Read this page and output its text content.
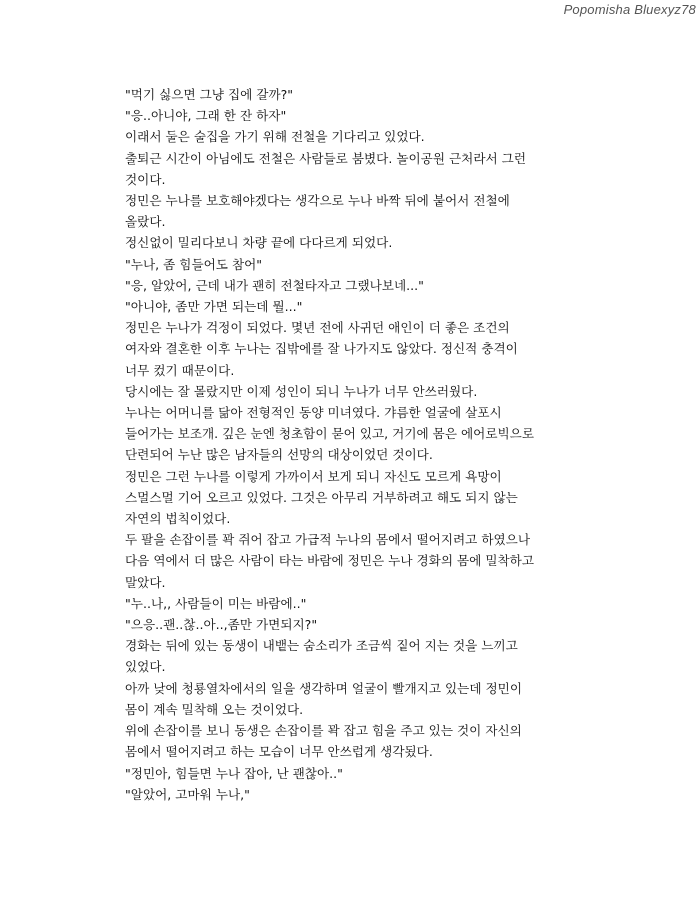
Popomisha Bluexyz78
"먹기 싫으면 그냥 집에 갈까?"
"응..아니야, 그래 한 잔 하자"
이래서 둘은 술집을 가기 위해 전철을 기다리고 있었다.
출퇴근 시간이 아님에도 전철은 사람들로 붐볐다. 놀이공원 근처라서 그런
것이다.
정민은 누나를 보호해야겠다는 생각으로 누나 바짝 뒤에 붙어서 전철에
올랐다.
정신없이 밀리다보니 차량 끝에 다다르게 되었다.
"누나, 좀 힘들어도 참어"
"응, 알았어, 근데 내가 괜히 전철타자고 그랬나보네..."
"아니야, 좀만 가면 되는데 뭘..."
정민은 누나가 걱정이 되었다. 몇년 전에 사귀던 애인이 더 좋은 조건의
여자와 결혼한 이후 누나는 집밖에를 잘 나가지도 않았다. 정신적 충격이
너무 컸기 때문이다.
당시에는 잘 몰랐지만 이제 성인이 되니 누나가 너무 안쓰러웠다.
누나는 어머니를 닮아 전형적인 동양 미녀였다. 갸름한 얼굴에 살포시
들어가는 보조개. 깊은 눈엔 청초함이 묻어 있고, 거기에 몸은 에어로빅으로
단련되어 누난 많은 남자들의 선망의 대상이었던 것이다.
정민은 그런 누나를 이렇게 가까이서 보게 되니 자신도 모르게 욕망이
스멀스멀 기어 오르고 있었다. 그것은 아무리 거부하려고 해도 되지 않는
자연의 법칙이었다.
두 팔을 손잡이를 꽉 쥐어 잡고 가급적 누나의 몸에서 떨어지려고 하였으나
다음 역에서 더 많은 사람이 타는 바람에 정민은 누나 경화의 몸에 밀착하고
말았다.
"누..나,, 사람들이 미는 바람에.."
"으응..괜..찮..아..,좀만 가면되지?"
경화는 뒤에 있는 동생이 내뱉는 숨소리가 조금씩 짙어 지는 것을 느끼고
있었다.
아까 낮에 청룡열차에서의 일을 생각하며 얼굴이 빨개지고 있는데 정민이
몸이 계속 밀착해 오는 것이었다.
위에 손잡이를 보니 동생은 손잡이를 꽉 잡고 힘을 주고 있는 것이 자신의
몸에서 떨어지려고 하는 모습이 너무 안쓰럽게 생각됬다.
"정민아, 힘들면 누나 잡아, 난 괜찮아.."
"알았어, 고마워 누나,"
